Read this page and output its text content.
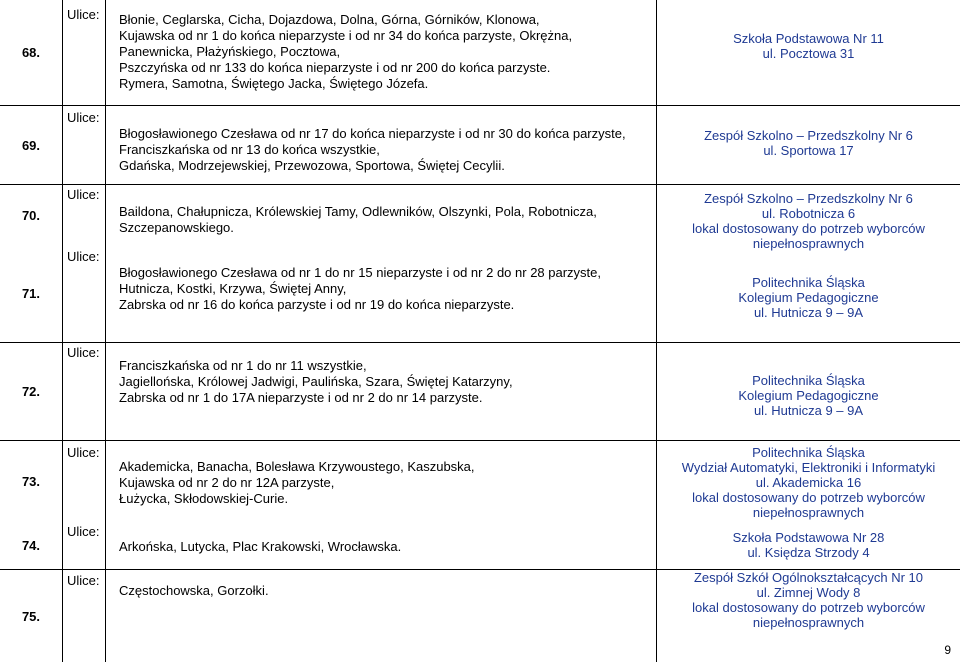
68.
Ulice: Błonie, Ceglarska, Cicha, Dojazdowa, Dolna, Górna, Górników, Klonowa,
Kujawska od nr 1 do końca nieparzyste i od nr 34 do końca parzyste, Okrężna,
Panewnicka, Płażyńskiego, Pocztowa,
Pszczyńska od nr 133 do końca nieparzyste i od nr 200 do końca parzyste.
Rymera, Samotna, Świętego Jacka, Świętego Józefa.
Szkoła Podstawowa Nr 11
ul. Pocztowa 31
69.
Ulice:
Błogosławionego Czesława od nr 17 do końca nieparzyste i od nr 30 do końca parzyste,
Franciszkańska od nr 13 do końca wszystkie,
Gdańska, Modrzejewskiej, Przewozowa, Sportowa, Świętej Cecylii.
Zespół Szkolno – Przedszkolny Nr 6
ul. Sportowa 17
70.
Ulice:
Baildona, Chałupnicza, Królewskiej Tamy, Odlewników, Olszynki, Pola, Robotnicza,
Szczepanowskiego.
Zespół Szkolno – Przedszkolny Nr 6
ul. Robotnicza 6
lokal dostosowany do potrzeb wyborców
niepełnosprawnych
71.
Ulice:
Błogosławionego Czesława od nr 1 do nr 15 nieparzyste i od nr 2 do nr 28 parzyste,
Hutnicza, Kostki, Krzywa, Świętej Anny,
Zabrska od nr 16 do końca parzyste i od nr 19 do końca nieparzyste.
Politechnika Śląska
Kolegium Pedagogiczne
ul. Hutnicza 9 – 9A
72.
Ulice:
Franciszkańska od nr 1 do nr 11 wszystkie,
Jagiellońska, Królowej Jadwigi, Paulińska, Szara, Świętej Katarzyny,
Zabrska od nr 1 do 17A nieparzyste i od nr 2 do nr 14 parzyste.
Politechnika Śląska
Kolegium Pedagogiczne
ul. Hutnicza 9 – 9A
73.
Ulice:
Akademicka, Banacha, Bolesława Krzywoustego, Kaszubska,
Kujawska od nr 2 do nr 12A parzyste,
Łużycka, Skłodowskiej-Curie.
Politechnika Śląska
Wydział Automatyki, Elektroniki i Informatyki
ul. Akademicka 16
lokal dostosowany do potrzeb wyborców
niepełnosprawnych
74.
Ulice:
Arkońska, Lutycka, Plac Krakowski, Wrocławska.
Szkoła Podstawowa Nr 28
ul. Księdza Strzody 4
75.
Ulice:
Częstochowska, Gorzołki.
Zespół Szkół Ogólnokształcących Nr 10
ul. Zimnej Wody 8
lokal dostosowany do potrzeb wyborców
niepełnosprawnych
9
